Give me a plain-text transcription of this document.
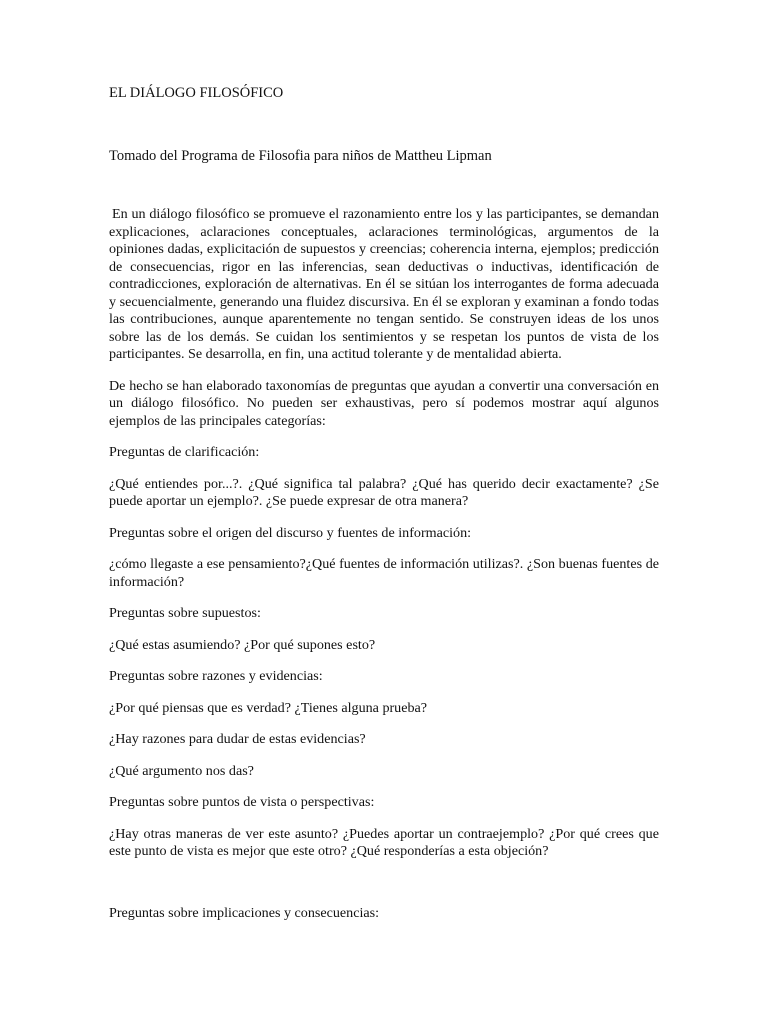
EL DIÁLOGO FILOSÓFICO
Tomado del Programa de Filosofia para niños de Mattheu Lipman

En un diálogo filosófico se promueve el razonamiento entre los y las participantes, se demandan explicaciones, aclaraciones conceptuales, aclaraciones terminológicas, argumentos de la opiniones dadas, explicitación de supuestos y creencias; coherencia interna, ejemplos; predicción de consecuencias, rigor en las inferencias, sean deductivas o inductivas, identificación de contradicciones, exploración de alternativas. En él se sitúan los interrogantes de forma adecuada y secuencialmente, generando una fluidez discursiva. En él se exploran y examinan a fondo todas las contribuciones, aunque aparentemente no tengan sentido. Se construyen ideas de los unos sobre las de los demás. Se cuidan los sentimientos y se respetan los puntos de vista de los participantes. Se desarrolla, en fin, una actitud tolerante y de mentalidad abierta.

De hecho se han elaborado taxonomías de preguntas que ayudan a convertir una conversación en un diálogo filosófico. No pueden ser exhaustivas, pero sí podemos mostrar aquí algunos ejemplos de las principales categorías:

Preguntas de clarificación:

¿Qué entiendes por...?. ¿Qué significa tal palabra? ¿Qué has querido decir exactamente? ¿Se puede aportar un ejemplo?. ¿Se puede expresar de otra manera?

Preguntas sobre el origen del discurso y fuentes de información:

¿cómo llegaste a ese pensamiento?¿Qué fuentes de información utilizas?. ¿Son buenas fuentes de información?

Preguntas sobre supuestos:

¿Qué estas asumiendo? ¿Por qué supones esto?

Preguntas sobre razones y evidencias:

¿Por qué piensas que es verdad? ¿Tienes alguna prueba?

¿Hay razones para dudar de estas evidencias?

¿Qué argumento nos das?

Preguntas sobre puntos de vista o perspectivas:

¿Hay otras maneras de ver este asunto? ¿Puedes aportar un contraejemplo? ¿Por qué crees que este punto de vista es mejor que este otro? ¿Qué responderías a esta objeción?

Preguntas sobre implicaciones y consecuencias:
